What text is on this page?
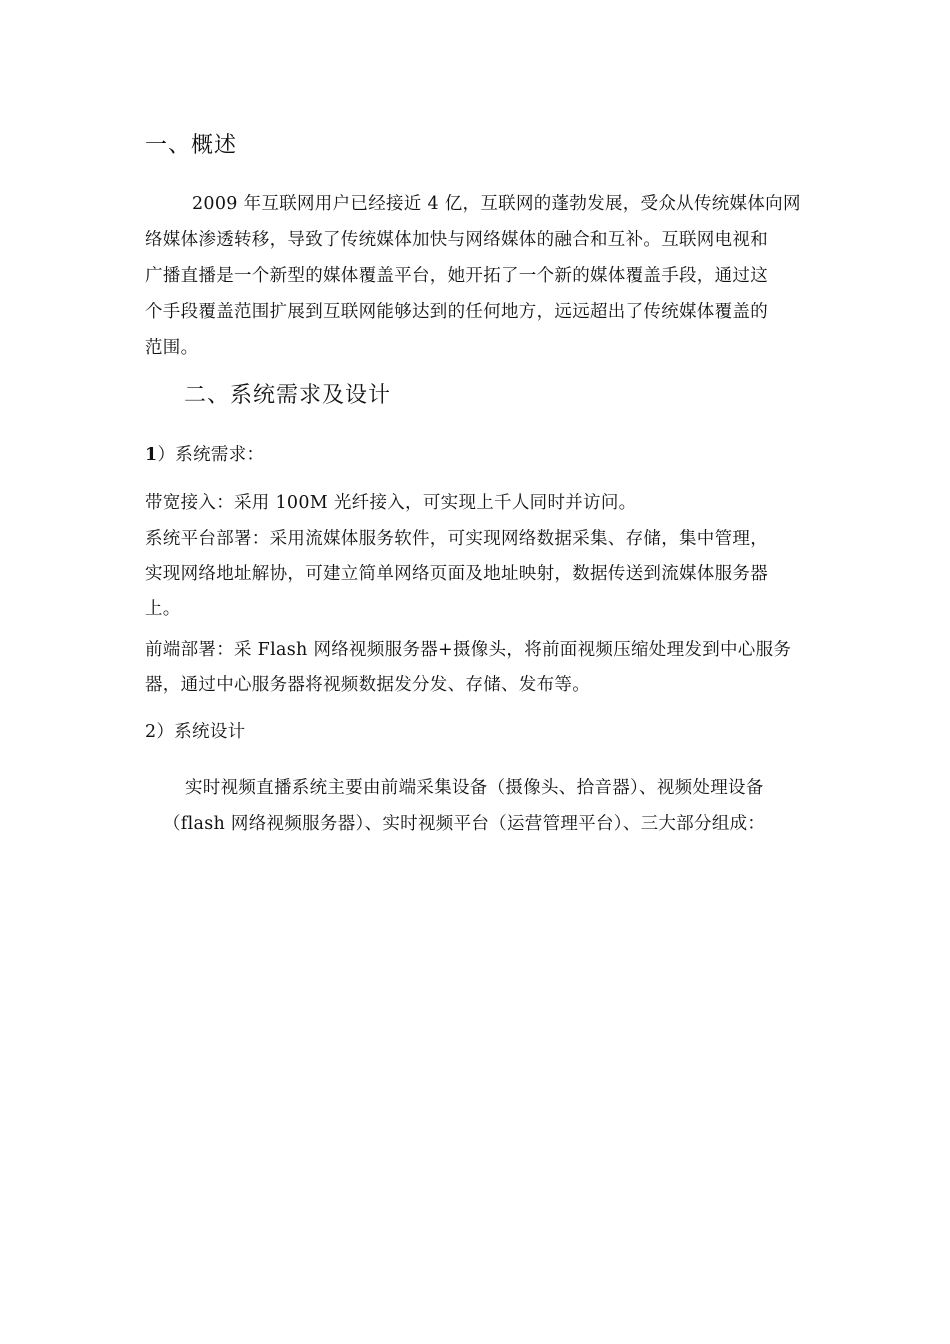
一、概述
2009 年互联网用户已经接近 4 亿，互联网的蓬勃发展，受众从传统媒体向网
络媒体渗透转移，导致了传统媒体加快与网络媒体的融合和互补。互联网电视和
广播直播是一个新型的媒体覆盖平台，她开拓了一个新的媒体覆盖手段，通过这
个手段覆盖范围扩展到互联网能够达到的任何地方，远远超出了传统媒体覆盖的
范围。
二、系统需求及设计
1）系统需求：
带宽接入：采用 100M 光纤接入，可实现上千人同时并访问。
系统平台部署：采用流媒体服务软件，可实现网络数据采集、存储，集中管理，
实现网络地址解协，可建立简单网络页面及地址映射，数据传送到流媒体服务器
上。
前端部署：采 Flash 网络视频服务器+摄像头，将前面视频压缩处理发到中心服务
器，通过中心服务器将视频数据发分发、存储、发布等。
2）系统设计
实时视频直播系统主要由前端采集设备（摄像头、拾音器）、视频处理设备
（flash 网络视频服务器）、实时视频平台（运营管理平台）、三大部分组成：
